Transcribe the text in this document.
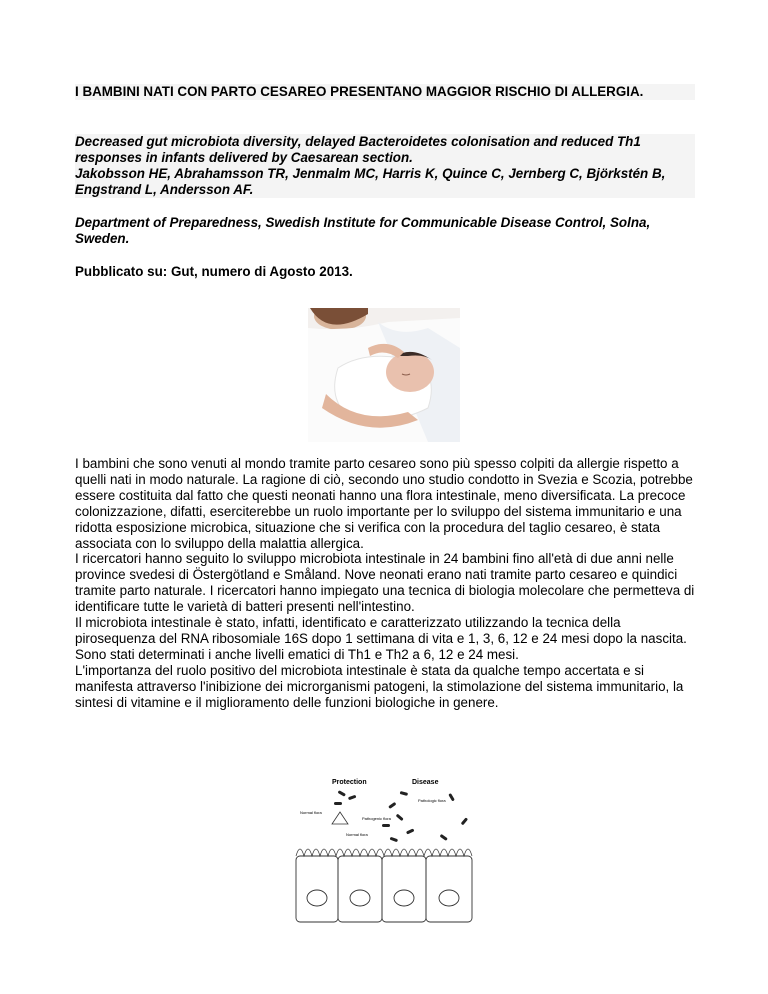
I BAMBINI NATI CON PARTO CESAREO PRESENTANO MAGGIOR RISCHIO DI ALLERGIA.
Decreased gut microbiota diversity, delayed Bacteroidetes colonisation and reduced Th1 responses in infants delivered by Caesarean section.
Jakobsson HE, Abrahamsson TR, Jenmalm MC, Harris K, Quince C, Jernberg C, Björkstén B, Engstrand L, Andersson AF.
Department of Preparedness, Swedish Institute for Communicable Disease Control, Solna, Sweden.
Pubblicato su: Gut, numero di Agosto 2013.

I bambini che sono venuti al mondo tramite parto cesareo sono più spesso colpiti da allergie rispetto a quelli nati in modo naturale. La ragione di ciò, secondo uno studio condotto in Svezia e Scozia, potrebbe essere costituita dal fatto che questi neonati hanno una flora intestinale, meno diversificata. La precoce colonizzazione, difatti, eserciterebbe un ruolo importante per lo sviluppo del sistema immunitario e una ridotta esposizione microbica, situazione che si verifica con la procedura del taglio cesareo, è stata associata con lo sviluppo della malattia allergica.

I ricercatori hanno seguito lo sviluppo microbiota intestinale in 24 bambini fino all'età di due anni nelle province svedesi di Östergötland e Småland. Nove neonati erano nati tramite parto cesareo e quindici tramite parto naturale. I ricercatori hanno impiegato una tecnica di biologia molecolare che permetteva di identificare tutte le varietà di batteri presenti nell'intestino.

Il microbiota intestinale è stato, infatti, identificato e caratterizzato utilizzando la tecnica della pirosequenza del RNA ribosomiale 16S dopo 1 settimana di vita e 1, 3, 6, 12 e 24 mesi dopo la nascita. Sono stati determinati i anche livelli ematici di Th1 e Th2 a 6, 12 e 24 mesi.

L'importanza del ruolo positivo del microbiota intestinale è stata da qualche tempo accertata e si manifesta attraverso l'inibizione dei microrganismi patogeni, la stimolazione del sistema immunitario, la sintesi di vitamine e il miglioramento delle funzioni biologiche in genere.

Protection	Disease
Normal flora
Pathogenic flora
Pathologic flora
Normal flora
